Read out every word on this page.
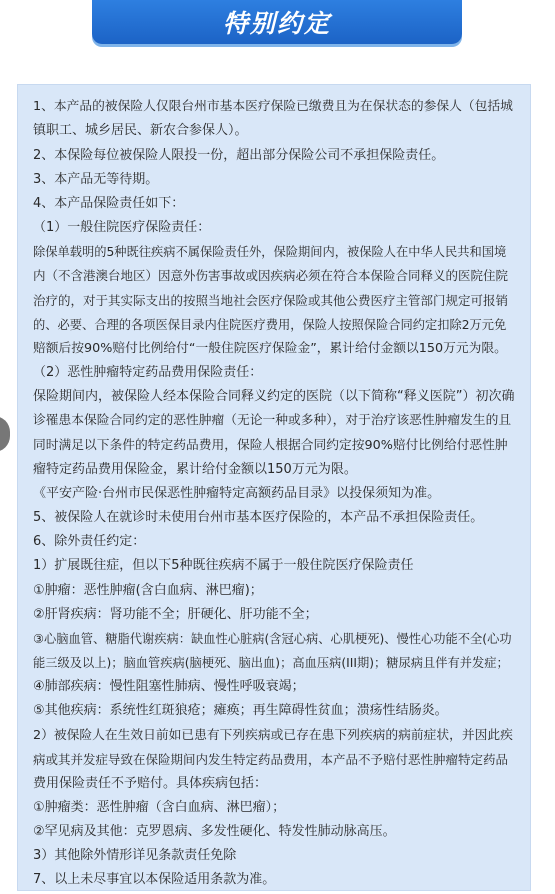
特别约定
1、本产品的被保险人仅限台州市基本医疗保险已缴费且为在保状态的参保人（包括城
镇职工、城乡居民、新农合参保人）。
2、本保险每位被保险人限投一份，超出部分保险公司不承担保险责任。
3、本产品无等待期。
4、本产品保险责任如下：
（1）一般住院医疗保险责任：
除保单载明的5种既往疾病不属保险责任外，保险期间内，被保险人在中华人民共和国境
内（不含港澳台地区）因意外伤害事故或因疾病必须在符合本保险合同释义的医院住院
治疗的，对于其实际支出的按照当地社会医疗保险或其他公费医疗主管部门规定可报销
的、必要、合理的各项医保目录内住院医疗费用，保险人按照保险合同约定扣除2万元免
赔额后按90%赔付比例给付“一般住院医疗保险金”，累计给付金额以150万元为限。
（2）恶性肿瘤特定药品费用保险责任：
保险期间内，被保险人经本保险合同释义约定的医院（以下简称“释义医院”）初次确
诊罹患本保险合同约定的恶性肿瘤（无论一种或多种），对于治疗该恶性肿瘤发生的且
同时满足以下条件的特定药品费用，保险人根据合同约定按90%赔付比例给付恶性肿
瘤特定药品费用保险金，累计给付金额以150万元为限。
《平安产险·台州市民保恶性肿瘤特定高额药品目录》以投保须知为准。
5、被保险人在就诊时未使用台州市基本医疗保险的，本产品不承担保险责任。
6、除外责任约定：
1）扩展既往症，但以下5种既往疾病不属于一般住院医疗保险责任
①肿瘤：恶性肿瘤(含白血病、淋巴瘤)；
②肝肾疾病：肾功能不全；肝硬化、肝功能不全；
③心脑血管、糖脂代谢疾病：缺血性心脏病(含冠心病、心肌梗死)、慢性心功能不全(心功
能三级及以上)；脑血管疾病(脑梗死、脑出血)；高血压病(III期)；糖尿病且伴有并发症；
④肺部疾病：慢性阻塞性肺病、慢性呼吸衰竭；
⑤其他疾病：系统性红斑狼疮；瘫痪；再生障碍性贫血；溃疡性结肠炎。
2）被保险人在生效日前如已患有下列疾病或已存在患下列疾病的病前症状，并因此疾
病或其并发症导致在保险期间内发生特定药品费用，本产品不予赔付恶性肿瘤特定药品
费用保险责任不予赔付。具体疾病包括：
①肿瘤类：恶性肿瘤（含白血病、淋巴瘤）；
②罕见病及其他：克罗恩病、多发性硬化、特发性肺动脉高压。
3）其他除外情形详见条款责任免除
7、以上未尽事宜以本保险适用条款为准。
